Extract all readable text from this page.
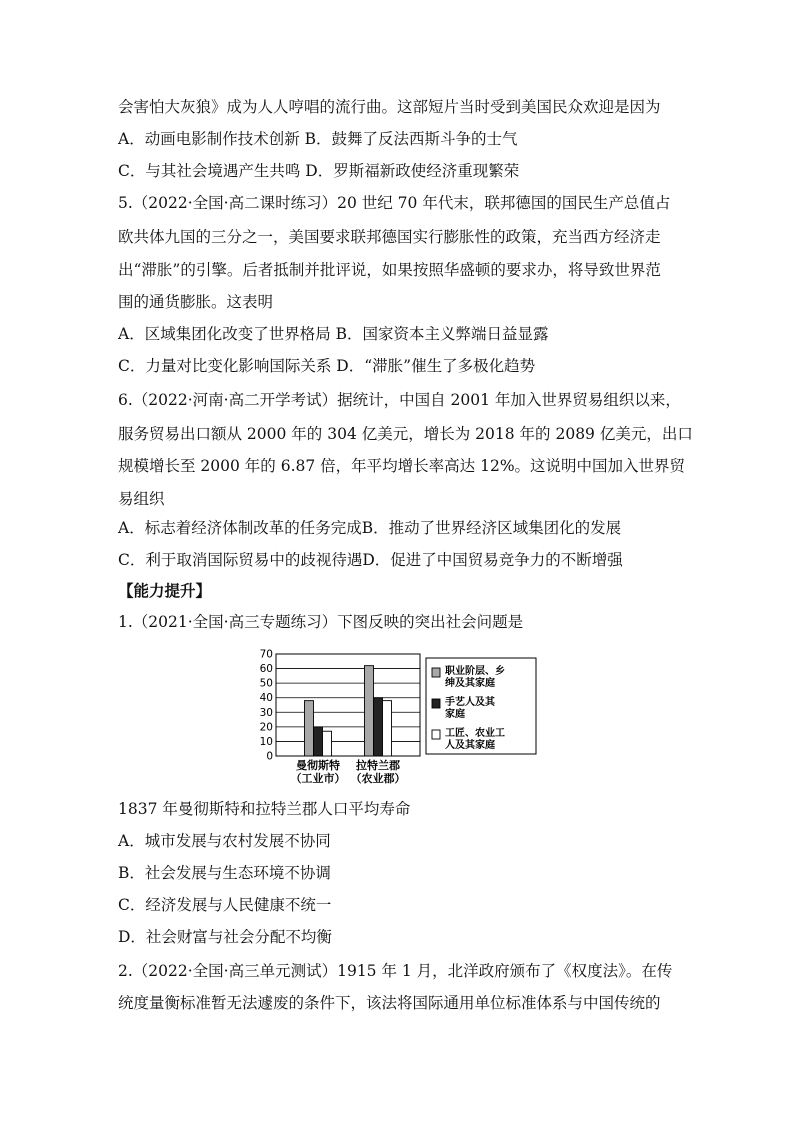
会害怕大灰狼》成为人人哼唱的流行曲。这部短片当时受到美国民众欢迎是因为
A．动画电影制作技术创新 B．鼓舞了反法西斯斗争的士气
C．与其社会境遇产生共鸣 D．罗斯福新政使经济重现繁荣
5.（2022·全国·高二课时练习）20 世纪 70 年代末，联邦德国的国民生产总值占
欧共体九国的三分之一，美国要求联邦德国实行膨胀性的政策，充当西方经济走
出“滞胀”的引擎。后者抵制并批评说，如果按照华盛顿的要求办，将导致世界范
围的通货膨胀。这表明
A．区域集团化改变了世界格局 B．国家资本主义弊端日益显露
C．力量对比变化影响国际关系 D．“滞胀”催生了多极化趋势
6.（2022·河南·高二开学考试）据统计，中国自 2001 年加入世界贸易组织以来，
服务贸易出口额从 2000 年的 304 亿美元，增长为 2018 年的 2089 亿美元，出口
规模增长至 2000 年的 6.87 倍，年平均增长率高达 12%。这说明中国加入世界贸
易组织
A．标志着经济体制改革的任务完成B．推动了世界经济区域集团化的发展
C．利于取消国际贸易中的歧视待遇D．促进了中国贸易竞争力的不断增强
【能力提升】
1.（2021·全国·高三专题练习）下图反映的突出社会问题是
0
10
20
30
40
50
60
70
曼彻斯特
（工业市）
拉特兰郡
（农业郡）
职业阶层、乡
绅及其家庭
手艺人及其
家庭
工匠、农业工
人及其家庭
1837 年曼彻斯特和拉特兰郡人口平均寿命
A．城市发展与农村发展不协同
B．社会发展与生态环境不协调
C．经济发展与人民健康不统一
D．社会财富与社会分配不均衡
2.（2022·全国·高三单元测试）1915 年 1 月，北洋政府颁布了《权度法》。在传
统度量衡标准暂无法遽废的条件下，该法将国际通用单位标准体系与中国传统的
